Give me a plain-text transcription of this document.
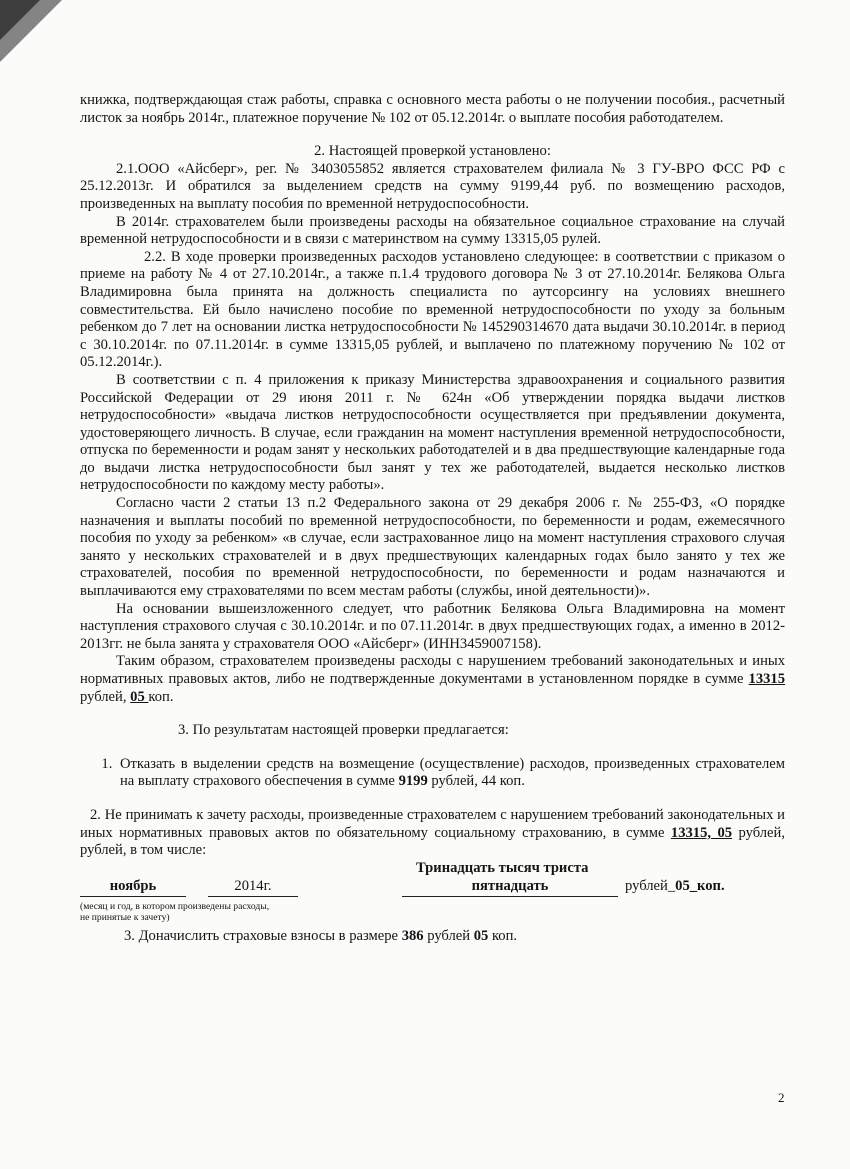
книжка, подтверждающая стаж работы, справка с основного места работы о не получении пособия., расчетный листок за ноябрь 2014г., платежное поручение № 102 от 05.12.2014г. о выплате пособия работодателем.

2. Настоящей проверкой установлено:

2.1.ООО «Айсберг», рег. № 3403055852 является страхователем филиала № 3 ГУ-ВРО ФСС РФ с 25.12.2013г. И обратился за выделением средств на сумму 9199,44 руб. по возмещению расходов, произведенных на выплату пособия по временной нетрудоспособности.

В 2014г. страхователем были произведены расходы на обязательное социальное страхование на случай временной нетрудоспособности и в связи с материнством на сумму 13315,05 рулей.

2.2. В ходе проверки произведенных расходов установлено следующее: в соответствии с приказом о приеме на работу № 4 от 27.10.2014г., а также п.1.4 трудового договора № 3 от 27.10.2014г. Белякова Ольга Владимировна была принята на должность специалиста по аутсорсингу на условиях внешнего совместительства. Ей было начислено пособие по временной нетрудоспособности по уходу за больным ребенком до 7 лет на основании листка нетрудоспособности № 145290314670 дата выдачи 30.10.2014г. в период с 30.10.2014г. по 07.11.2014г. в сумме 13315,05 рублей, и выплачено по платежному поручению № 102 от 05.12.2014г.).

В соответствии с п. 4 приложения к приказу Министерства здравоохранения и социального развития Российской Федерации от 29 июня 2011 г. № 624н «Об утверждении порядка выдачи листков нетрудоспособности» «выдача листков нетрудоспособности осуществляется при предъявлении документа, удостоверяющего личность. В случае, если гражданин на момент наступления временной нетрудоспособности, отпуска по беременности и родам занят у нескольких работодателей и в два предшествующие календарные года до выдачи листка нетрудоспособности был занят у тех же работодателей, выдается несколько листков нетрудоспособности по каждому месту работы».

Согласно части 2 статьи 13 п.2 Федерального закона от 29 декабря 2006 г. № 255-ФЗ, «О порядке назначения и выплаты пособий по временной нетрудоспособности, по беременности и родам, ежемесячного пособия по уходу за ребенком» «в случае, если застрахованное лицо на момент наступления страхового случая занято у нескольких страхователей и в двух предшествующих календарных годах было занято у тех же страхователей, пособия по временной нетрудоспособности, по беременности и родам назначаются и выплачиваются ему страхователями по всем местам работы (службы, иной деятельности)».

На основании вышеизложенного следует, что работник Белякова Ольга Владимировна на момент наступления страхового случая с 30.10.2014г. и по 07.11.2014г. в двух предшествующих годах, а именно в 2012-2013гг. не была занята у страхователя ООО «Айсберг» (ИНН3459007158).

Таким образом, страхователем произведены расходы с нарушением требований законодательных и иных нормативных правовых актов, либо не подтвержденные документами в установленном порядке в сумме 13315 рублей, 05 коп.

3. По результатам настоящей проверки предлагается:

1. Отказать в выделении средств на возмещение (осуществление) расходов, произведенных страхователем на выплату страхового обеспечения в сумме 9199 рублей, 44 коп.

2. Не принимать к зачету расходы, произведенные страхователем с нарушением требований законодательных и иных нормативных правовых актов по обязательному социальному страхованию, в сумме 13315, 05 рублей, рублей, в том числе:

Тринадцать тысяч триста
ноябрь	2014г.	пятнадцать	рублей_05_коп.
(месяц и год, в котором произведены расходы, не принятые к зачету)

3. Доначислить страховые взносы в размере 386 рублей 05 коп.

2
